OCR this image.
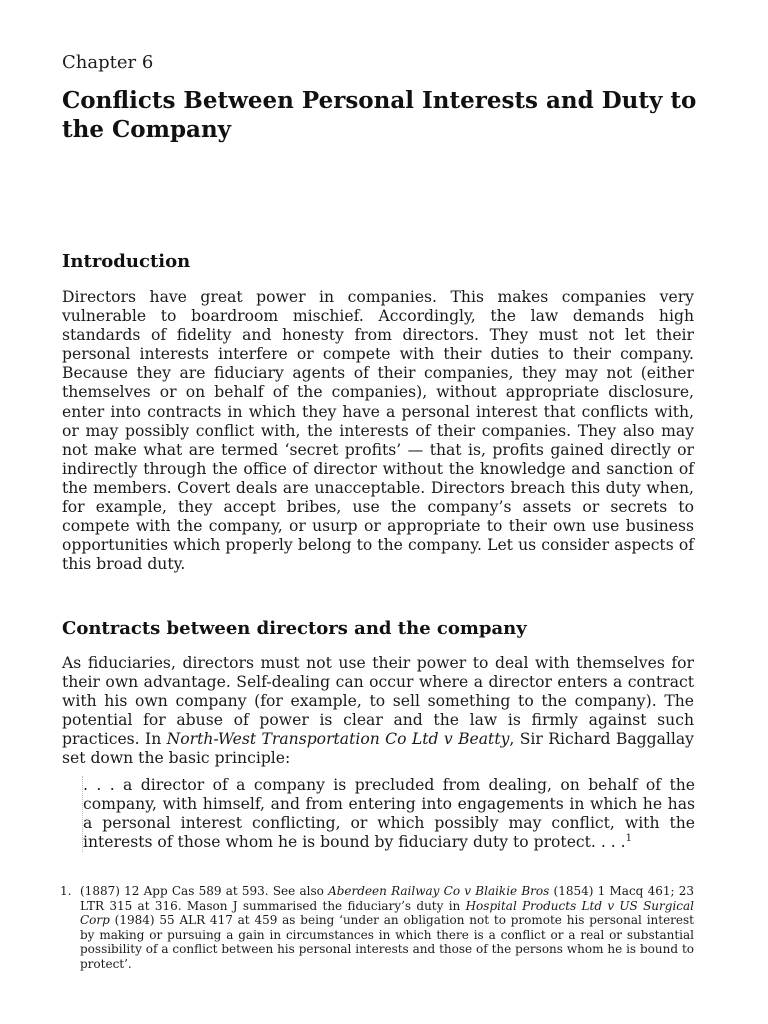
Chapter 6
Conflicts Between Personal Interests and Duty to the Company
Introduction

Directors have great power in companies. This makes companies very vulnerable to boardroom mischief. Accordingly, the law demands high standards of fidelity and honesty from directors. They must not let their personal interests interfere or compete with their duties to their company. Because they are fiduciary agents of their companies, they may not (either themselves or on behalf of the companies), without appropriate disclosure, enter into contracts in which they have a personal interest that conflicts with, or may possibly conflict with, the interests of their companies. They also may not make what are termed ‘secret profits’ — that is, profits gained directly or indirectly through the office of director without the knowledge and sanction of the members. Covert deals are unacceptable. Directors breach this duty when, for example, they accept bribes, use the company’s assets or secrets to compete with the company, or usurp or appropriate to their own use business opportunities which properly belong to the company. Let us consider aspects of this broad duty.

Contracts between directors and the company

As fiduciaries, directors must not use their power to deal with themselves for their own advantage. Self-dealing can occur where a director enters a contract with his own company (for example, to sell something to the company). The potential for abuse of power is clear and the law is firmly against such practices. In North-West Transportation Co Ltd v Beatty, Sir Richard Baggallay set down the basic principle:

. . . a director of a company is precluded from dealing, on behalf of the company, with himself, and from entering into engagements in which he has a personal interest conflicting, or which possibly may conflict, with the interests of those whom he is bound by fiduciary duty to protect. . . .$^1$

1. (1887) 12 App Cas 589 at 593. See also Aberdeen Railway Co v Blaikie Bros (1854) 1 Macq 461; 23 LTR 315 at 316. Mason J summarised the fiduciary’s duty in Hospital Products Ltd v US Surgical Corp (1984) 55 ALR 417 at 459 as being ‘under an obligation not to promote his personal interest by making or pursuing a gain in circumstances in which there is a conflict or a real or substantial possibility of a conflict between his personal interests and those of the persons whom he is bound to protect’.
